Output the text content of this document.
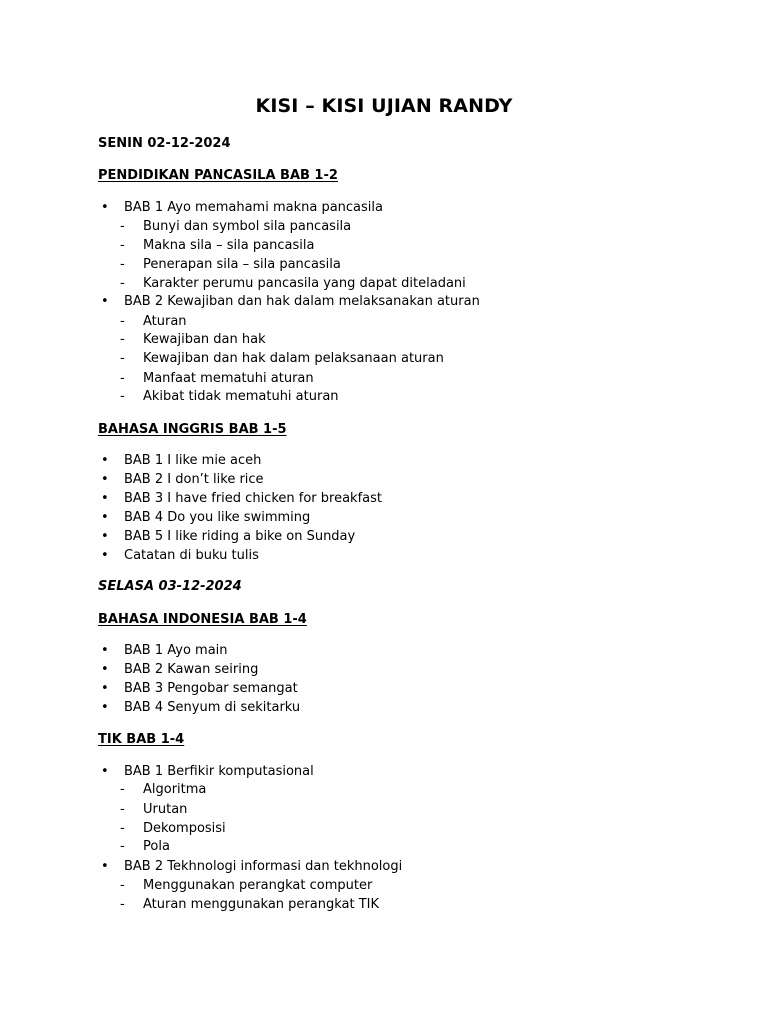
KISI – KISI UJIAN RANDY
SENIN 02-12-2024
PENDIDIKAN PANCASILA BAB 1-2
• BAB 1 Ayo memahami makna pancasila
- Bunyi dan symbol sila pancasila
- Makna sila – sila pancasila
- Penerapan sila – sila pancasila
- Karakter perumu pancasila yang dapat diteladani
• BAB 2 Kewajiban dan hak dalam melaksanakan aturan
- Aturan
- Kewajiban dan hak
- Kewajiban dan hak dalam pelaksanaan aturan
- Manfaat mematuhi aturan
- Akibat tidak mematuhi aturan
BAHASA INGGRIS BAB 1-5
• BAB 1 I like mie aceh
• BAB 2 I don’t like rice
• BAB 3 I have fried chicken for breakfast
• BAB 4 Do you like swimming
• BAB 5 I like riding a bike on Sunday
• Catatan di buku tulis
SELASA 03-12-2024
BAHASA INDONESIA BAB 1-4
• BAB 1 Ayo main
• BAB 2 Kawan seiring
• BAB 3 Pengobar semangat
• BAB 4 Senyum di sekitarku
TIK BAB 1-4
• BAB 1 Berfikir komputasional
- Algoritma
- Urutan
- Dekomposisi
- Pola
• BAB 2 Tekhnologi informasi dan tekhnologi
- Menggunakan perangkat computer
- Aturan menggunakan perangkat TIK
